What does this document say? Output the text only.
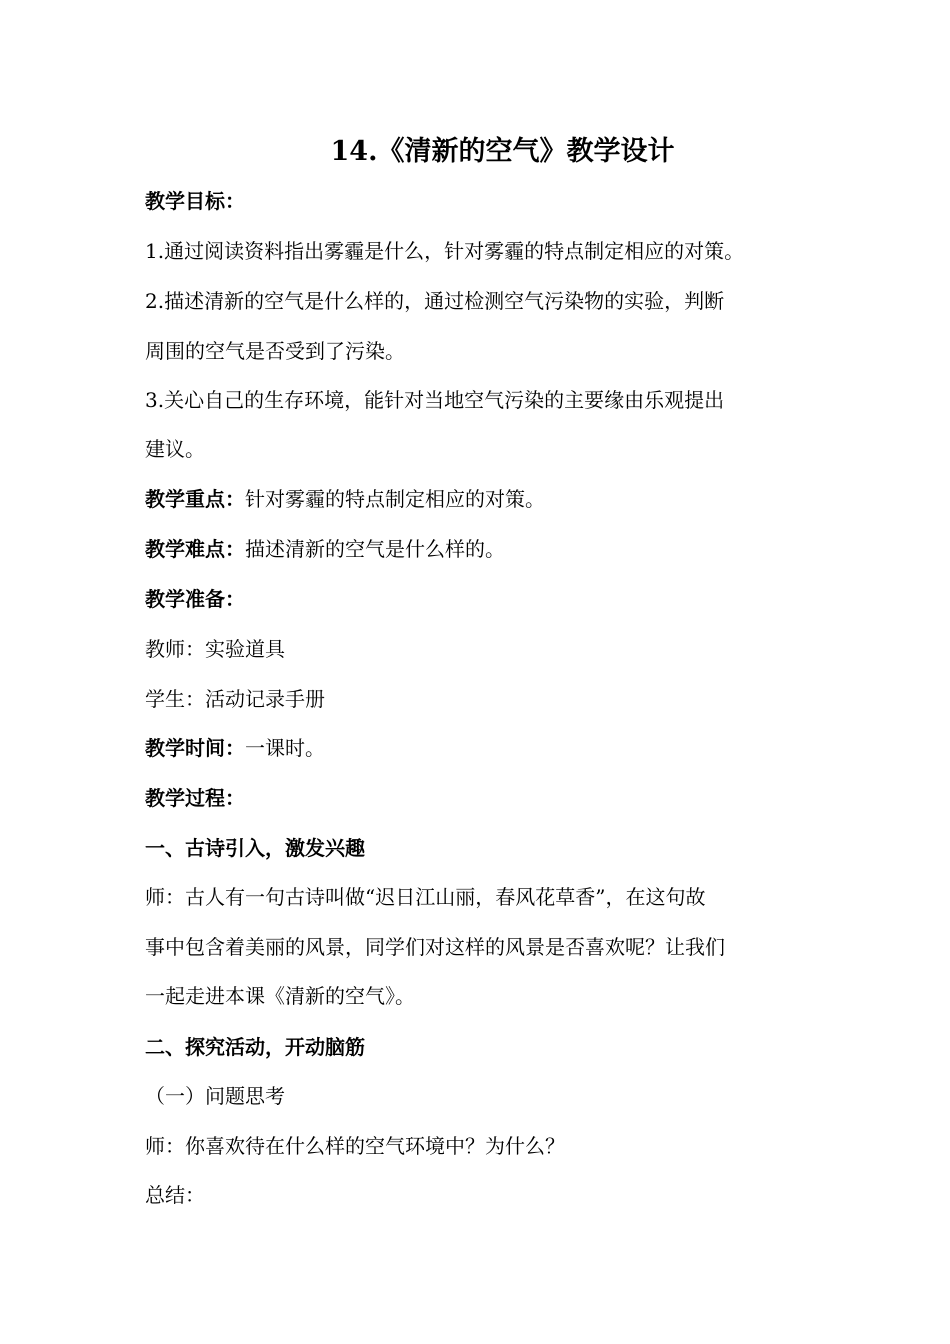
14.《清新的空气》教学设计
教学目标：
1.通过阅读资料指出雾霾是什么，针对雾霾的特点制定相应的对策。
2.描述清新的空气是什么样的，通过检测空气污染物的实验，判断
周围的空气是否受到了污染。
3.关心自己的生存环境，能针对当地空气污染的主要缘由乐观提出
建议。
教学重点：针对雾霾的特点制定相应的对策。
教学难点：描述清新的空气是什么样的。
教学准备：
教师：实验道具
学生：活动记录手册
教学时间：一课时。
教学过程：
一、古诗引入，激发兴趣
师：古人有一句古诗叫做“迟日江山丽，春风花草香”，在这句故
事中包含着美丽的风景，同学们对这样的风景是否喜欢呢？让我们
一起走进本课《清新的空气》。
二、探究活动，开动脑筋
（一）问题思考
师：你喜欢待在什么样的空气环境中？为什么？
总结：
